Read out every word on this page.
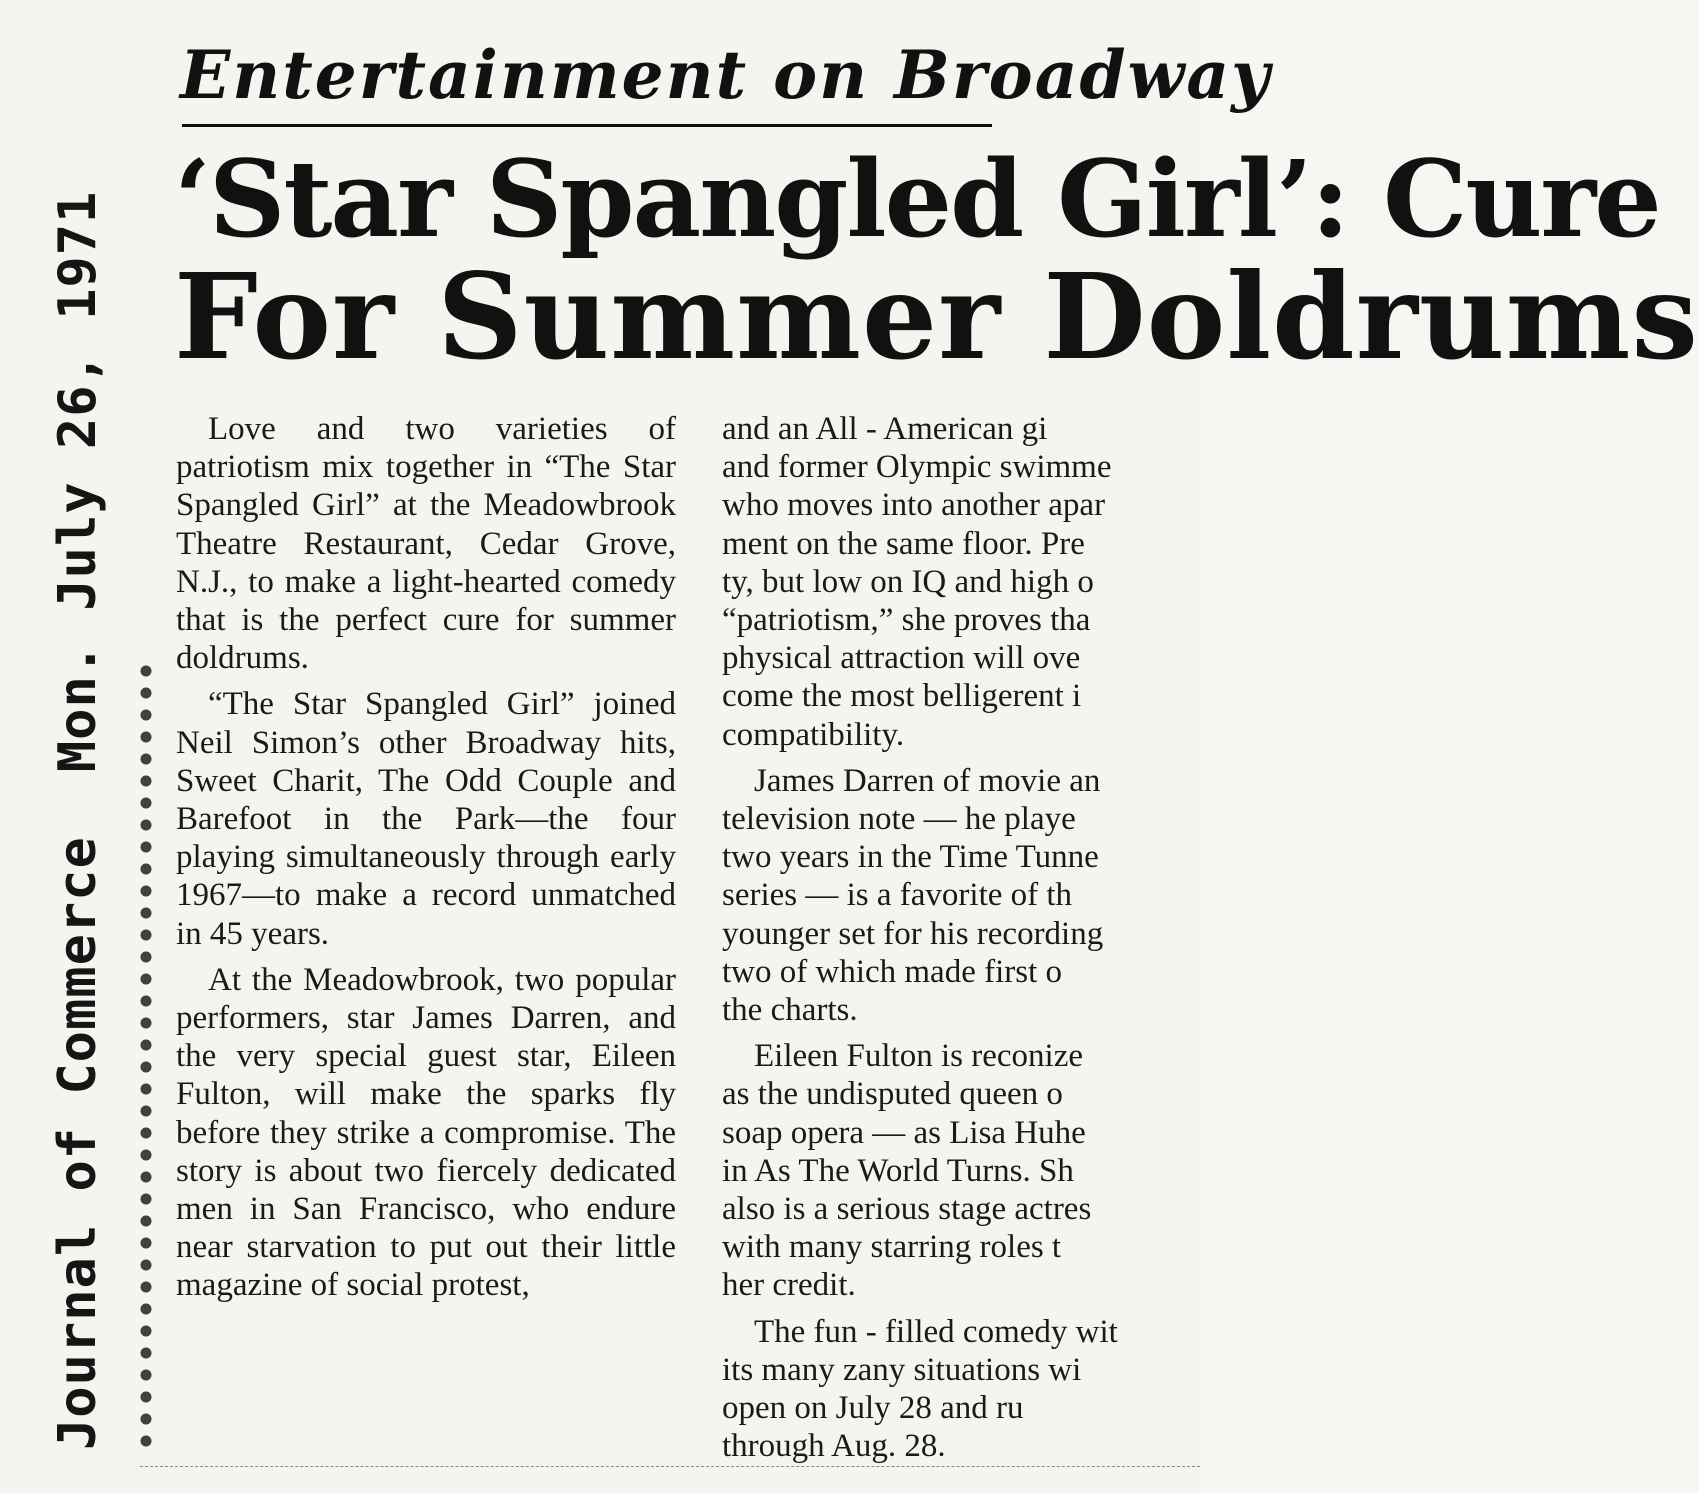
Journal of CommerceMon. July 26, 1971
Entertainment on Broadway
‘Star Spangled Girl’: Cure
For Summer Doldrums

Love and two varieties of patriotism mix together in “The Star Spangled Girl” at the Meadowbrook Theatre Restaurant, Cedar Grove, N.J., to make a light-hearted comedy that is the perfect cure for summer doldrums.

“The Star Spangled Girl” joined Neil Simon’s other Broadway hits, Sweet Charit, The Odd Couple and Barefoot in the Park—the four playing simultaneously through early 1967—to make a record unmatched in 45 years.

At the Meadowbrook, two popular performers, star James Darren, and the very special guest star, Eileen Fulton, will make the sparks fly before they strike a compromise. The story is about two fiercely dedicated men in San Francisco, who endure near starvation to put out their little magazine of social protest,

and an All - American gi
and former Olympic swimme
who moves into another apar
ment on the same floor. Pre
ty, but low on IQ and high o
“patriotism,” she proves tha
physical attraction will ove
come the most belligerent i
compatibility.

James Darren of movie an
television note — he playe
two years in the Time Tunne
series — is a favorite of th
younger set for his recording
two of which made first o
the charts.

Eileen Fulton is reconize
as the undisputed queen o
soap opera — as Lisa Huhe
in As The World Turns. Sh
also is a serious stage actres
with many starring roles t
her credit.

The fun - filled comedy wit
its many zany situations wi
open on July 28 and ru
through Aug. 28.
